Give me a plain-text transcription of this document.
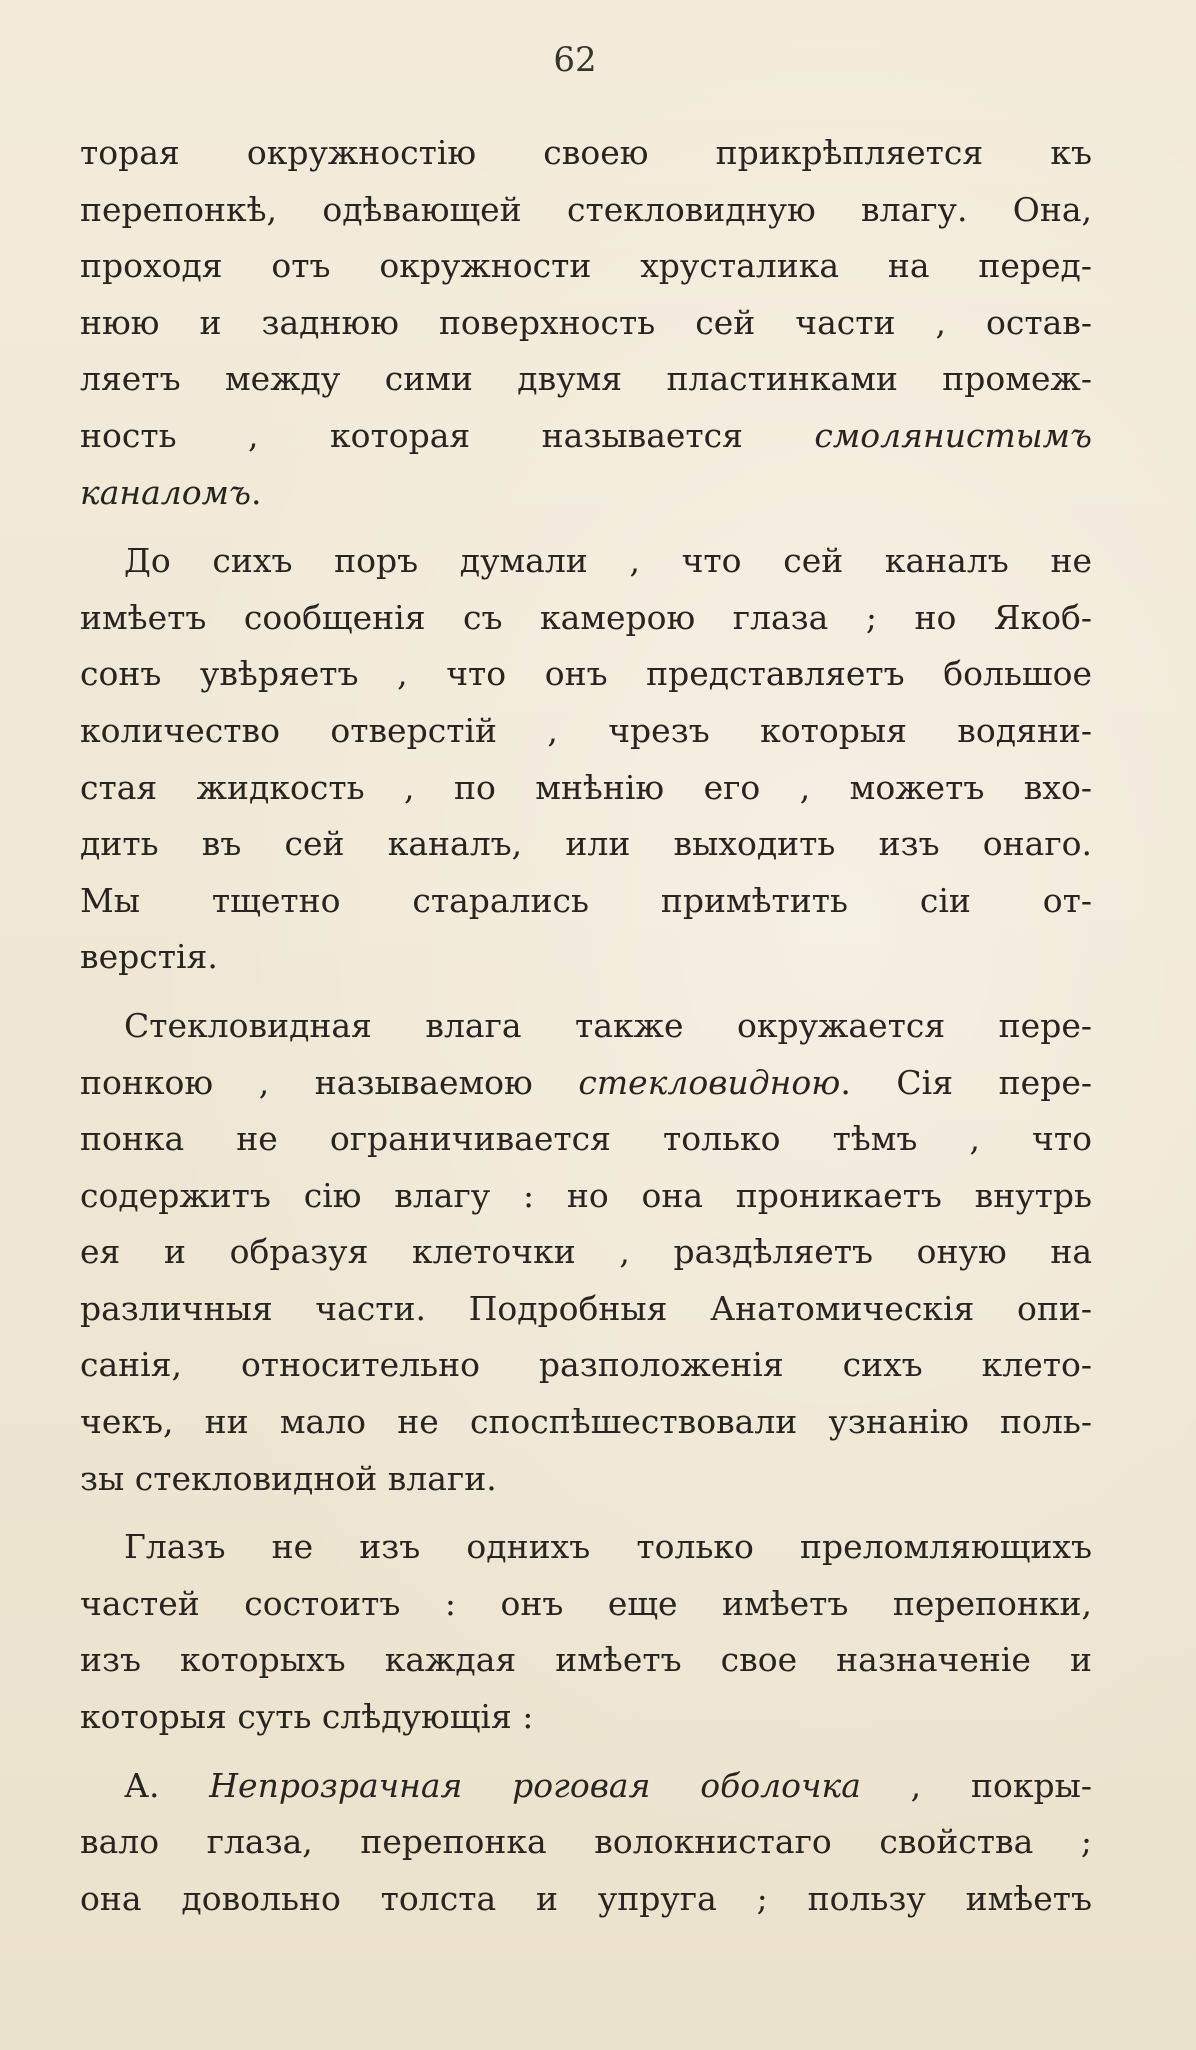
62
торая окружностію своею прикрѣпляется къ
перепонкѣ, одѣвающей стекловидную влагу. Она,
проходя отъ окружности хрусталика на перед-
нюю и заднюю поверхность сей части , остав-
ляетъ между сими двумя пластинками промеж-
ность , которая называется смолянистымъ
каналомъ.
До сихъ поръ думали , что сей каналъ не
имѣетъ сообщенія съ камерою глаза ; но Якоб-
сонъ увѣряетъ , что онъ представляетъ большое
количество отверстій , чрезъ которыя водяни-
стая жидкость , по мнѣнію его , можетъ вхо-
дить въ сей каналъ, или выходить изъ онаго.
Мы тщетно старались примѣтить сіи от-
верстія.
Стекловидная влага также окружается пере-
понкою , называемою стекловидною. Сія пере-
понка не ограничивается только тѣмъ , что
содержитъ сію влагу : но она проникаетъ внутрь
ея и образуя клеточки , раздѣляетъ оную на
различныя части. Подробныя Анатомическія опи-
санія, относительно разположенія сихъ клето-
чекъ, ни мало не споспѣшествовали узнанію поль-
зы стекловидной влаги.
Глазъ не изъ однихъ только преломляющихъ
частей состоитъ : онъ еще имѣетъ перепонки,
изъ которыхъ каждая имѣетъ свое назначеніе и
которыя суть слѣдующія :
А. Непрозрачная роговая оболочка , покры-
вало глаза, перепонка волокнистаго свойства ;
она довольно толста и упруга ; пользу имѣетъ
